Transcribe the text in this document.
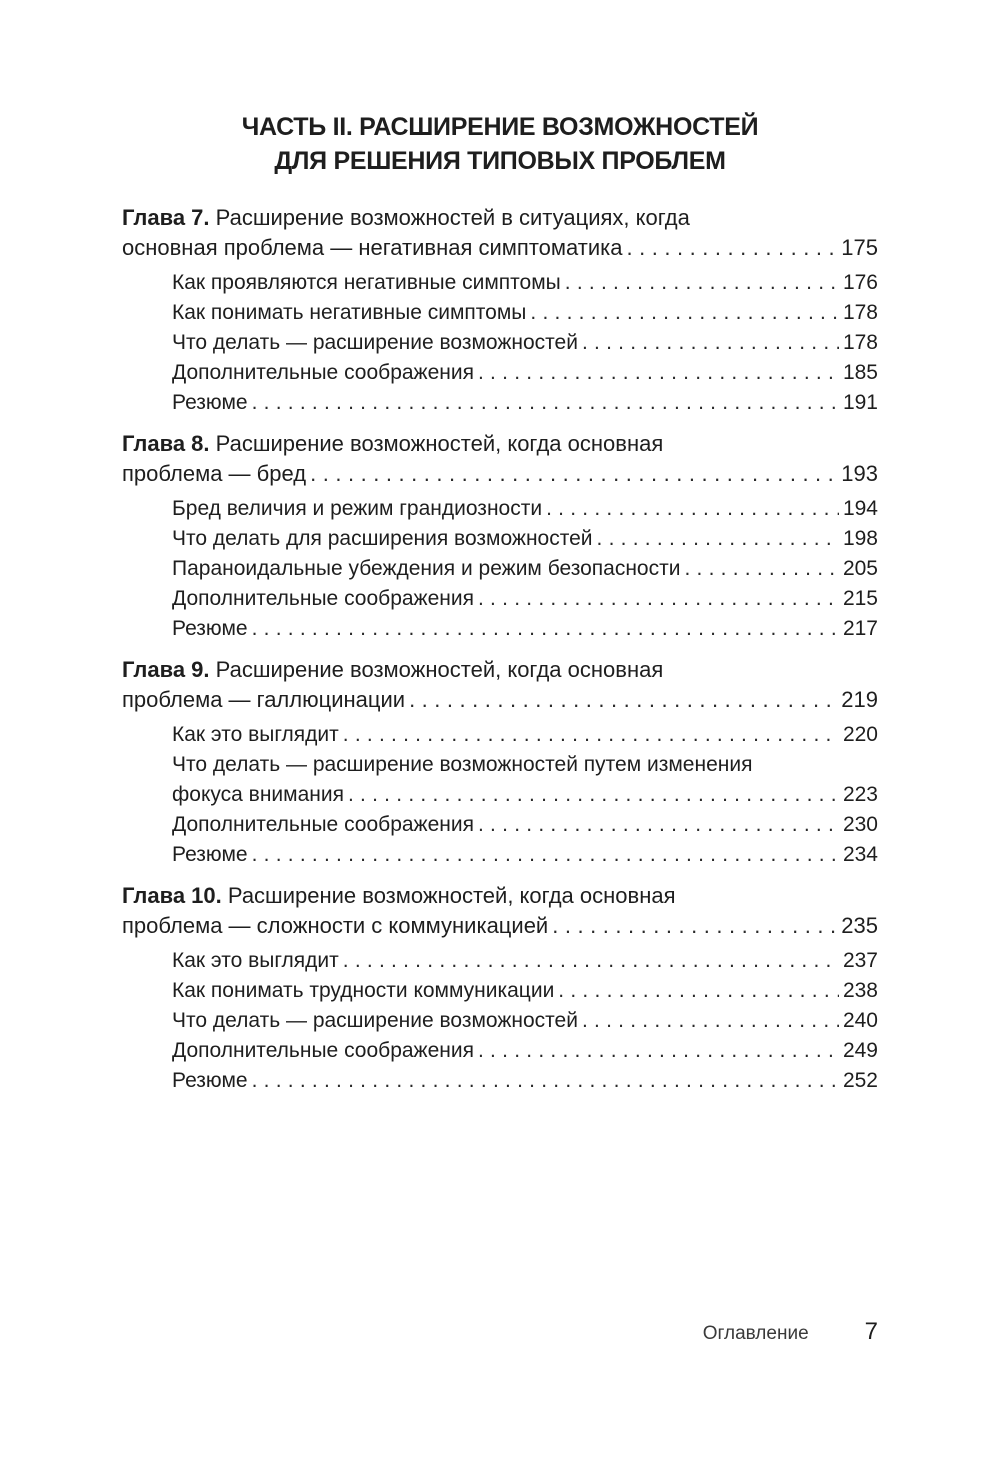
ЧАСТЬ II. РАСШИРЕНИЕ ВОЗМОЖНОСТЕЙ
ДЛЯ РЕШЕНИЯ ТИПОВЫХ ПРОБЛЕМ
Глава 7. Расширение возможностей в ситуациях, когда
основная проблема — негативная симптоматика . . .	175
Как проявляются негативные симптомы . . .	176
Как понимать негативные симптомы . . .	178
Что делать — расширение возможностей . . .	178
Дополнительные соображения . . .	185
Резюме . . .	191
Глава 8. Расширение возможностей, когда основная
проблема — бред . . .	193
Бред величия и режим грандиозности . . .	194
Что делать для расширения возможностей . . .	198
Параноидальные убеждения и режим безопасности . . .	205
Дополнительные соображения . . .	215
Резюме . . .	217
Глава 9. Расширение возможностей, когда основная
проблема — галлюцинации . . .	219
Как это выглядит . . .	220
Что делать — расширение возможностей путем изменения
фокуса внимания . . .	223
Дополнительные соображения . . .	230
Резюме . . .	234
Глава 10. Расширение возможностей, когда основная
проблема — сложности с коммуникацией . . .	235
Как это выглядит . . .	237
Как понимать трудности коммуникации . . .	238
Что делать — расширение возможностей . . .	240
Дополнительные соображения . . .	249
Резюме . . .	252
Оглавление 7
